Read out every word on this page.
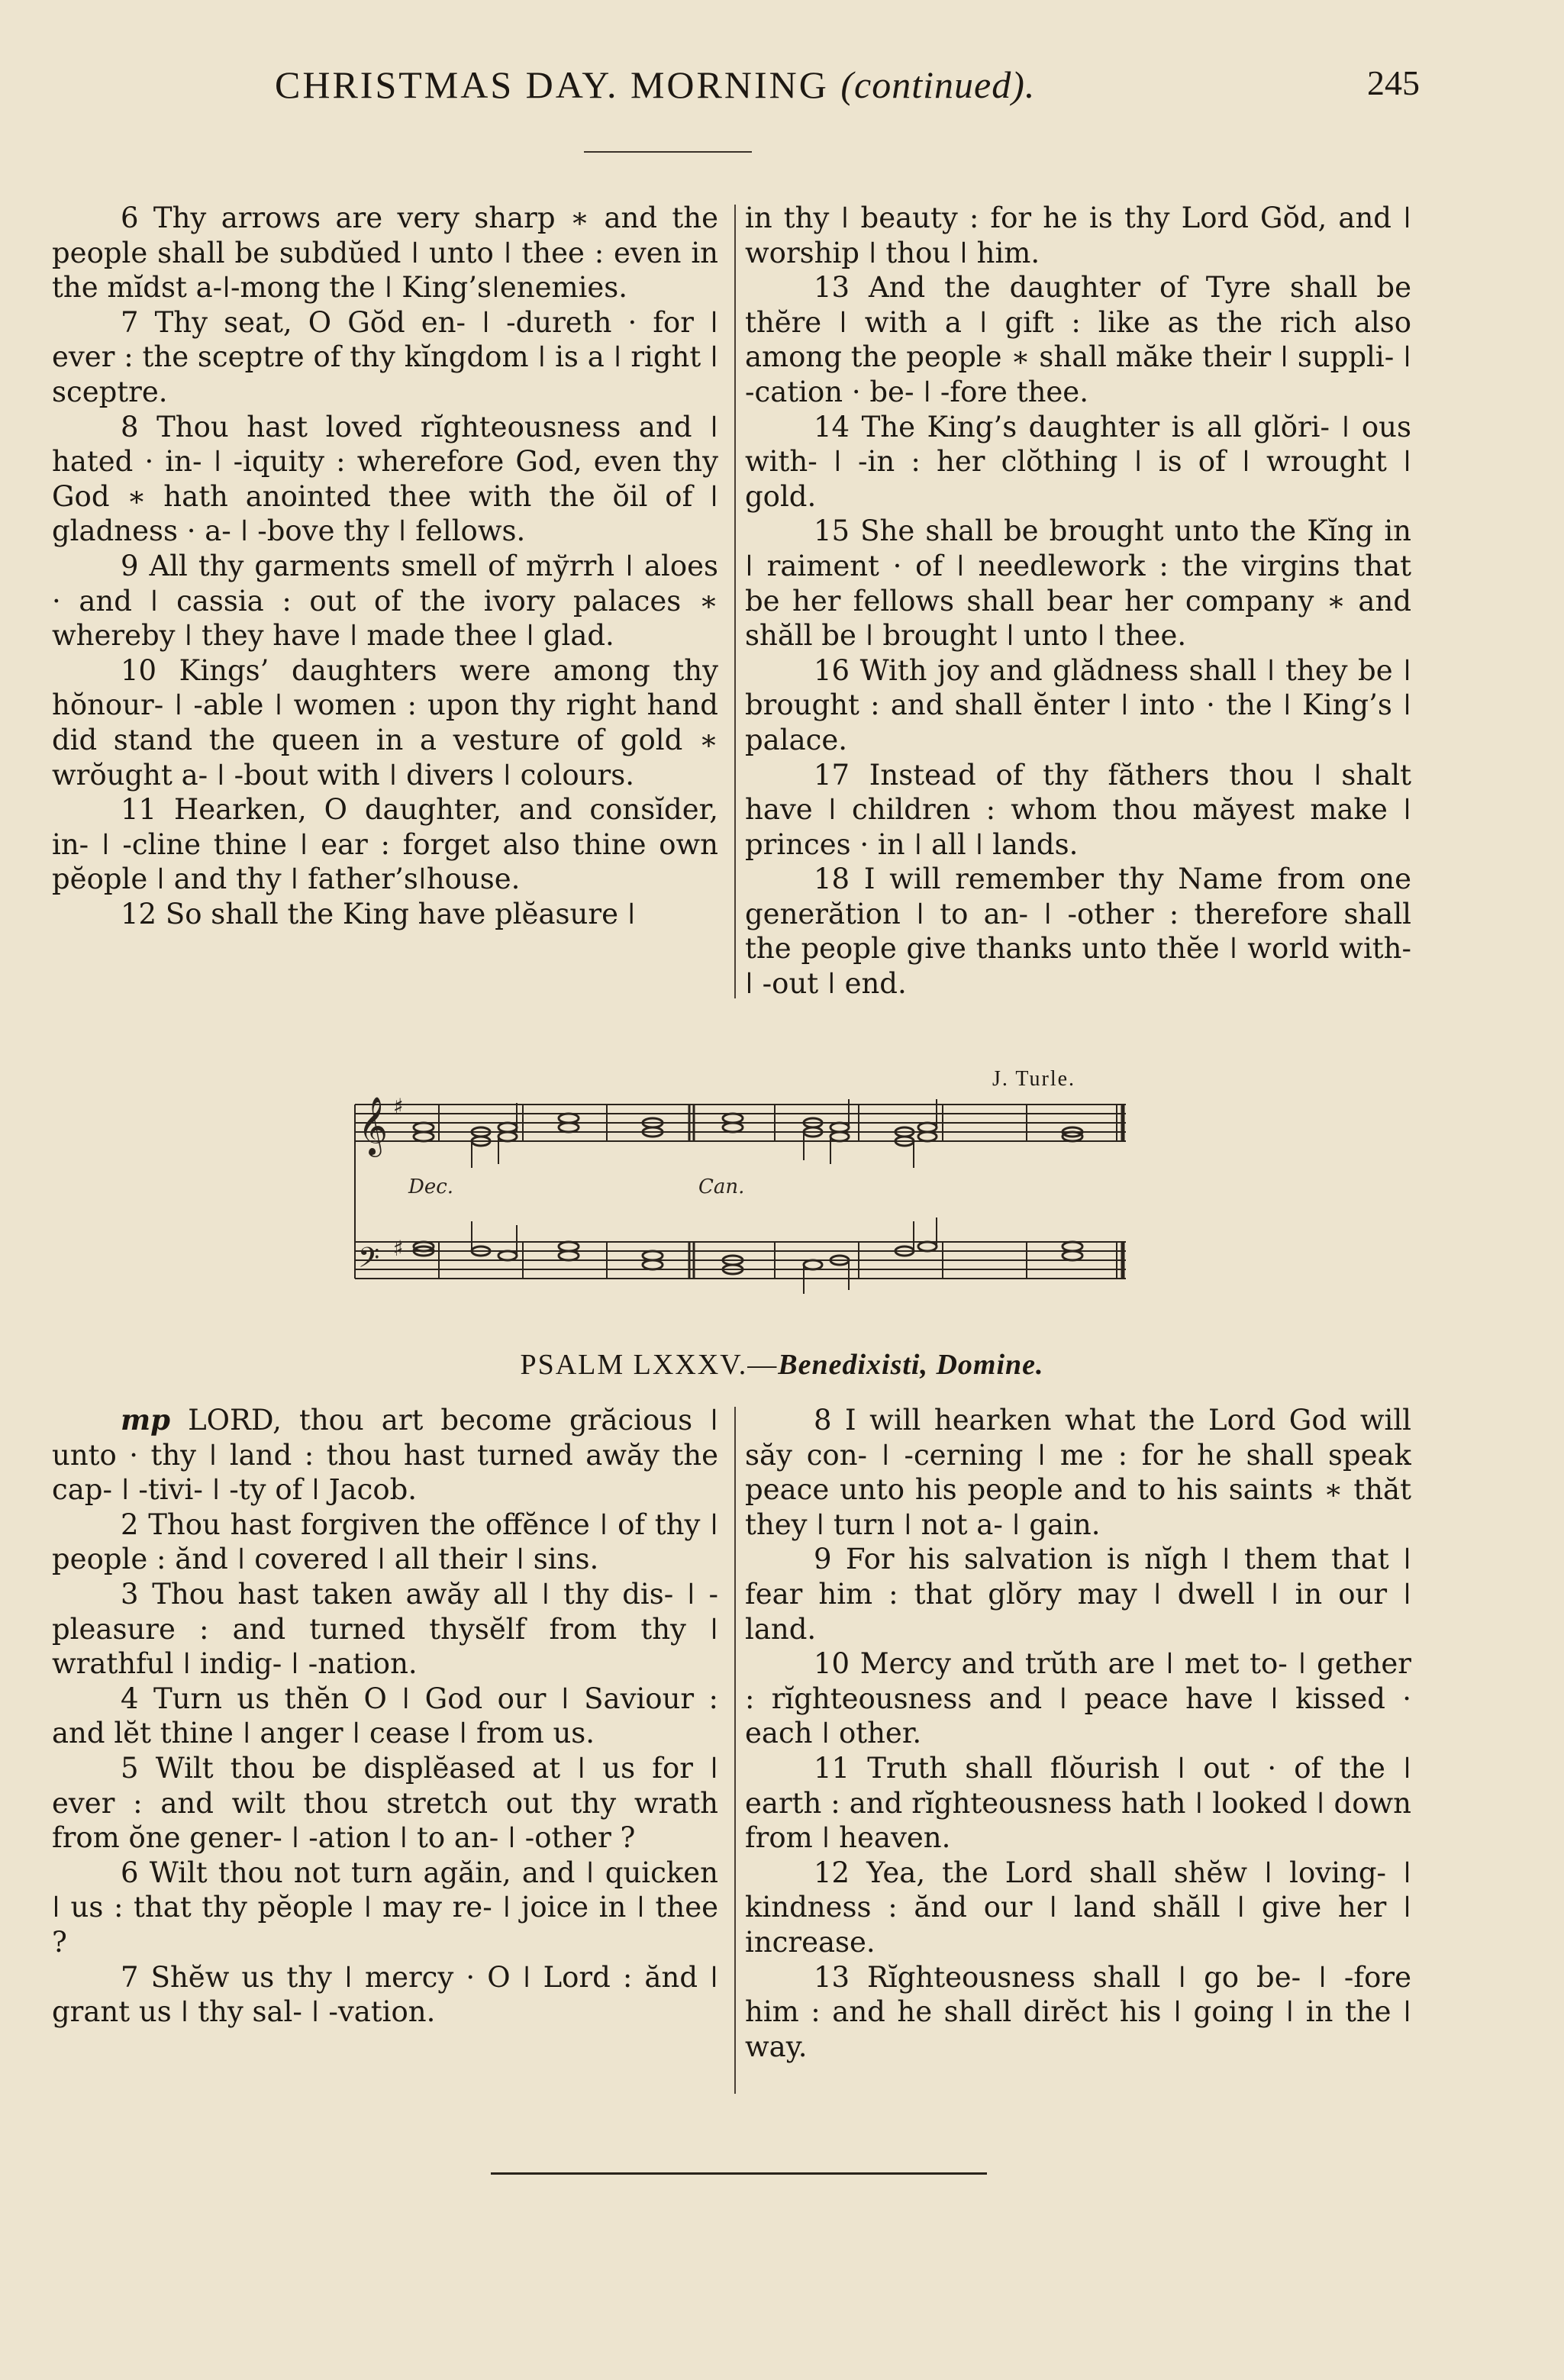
CHRISTMAS DAY. MORNING (continued).	245

6 Thy arrows are very sharp ∗ and the people shall be subdŭed ǀ unto ǀ thee : even in the mĭdst a-ǀ-mong the ǀ King’sǀenemies.

7 Thy seat, O Gŏd en- ǀ -dureth · for ǀ ever : the sceptre of thy kĭngdom ǀ is a ǀ right ǀ sceptre.

8 Thou hast loved rĭghteousness and ǀ hated · in- ǀ -iquity : wherefore God, even thy God ∗ hath anointed thee with the ŏil of ǀ gladness · a- ǀ -bove thy ǀ fellows.

9 All thy garments smell of mўrrh ǀ aloes · and ǀ cassia : out of the ivory palaces ∗ whereby ǀ they have ǀ made thee ǀ glad.

10 Kings’ daughters were among thy hŏnour- ǀ -able ǀ women : upon thy right hand did stand the queen in a vesture of gold ∗ wrŏught a- ǀ -bout with ǀ divers ǀ colours.

11 Hearken, O daughter, and consĭder, in- ǀ -cline thine ǀ ear : forget also thine own pĕople ǀ and thy ǀ father’sǀhouse.

12 So shall the King have plĕasure ǀ

in thy ǀ beauty : for he is thy Lord Gŏd, and ǀ worship ǀ thou ǀ him.

13 And the daughter of Tyre shall be thĕre ǀ with a ǀ gift : like as the rich also among the people ∗ shall măke their ǀ suppli- ǀ -cation · be- ǀ -fore thee.

14 The King’s daughter is all glŏri- ǀ ous with- ǀ -in : her clŏthing ǀ is of ǀ wrought ǀ gold.

15 She shall be brought unto the Kĭng in ǀ raiment · of ǀ needlework : the virgins that be her fellows shall bear her company ∗ and shăll be ǀ brought ǀ unto ǀ thee.

16 With joy and glădness shall ǀ they be ǀ brought : and shall ĕnter ǀ into · the ǀ King’s ǀ palace.

17 Instead of thy făthers thou ǀ shalt have ǀ children : whom thou măyest make ǀ princes · in ǀ all ǀ lands.

18 I will remember thy Name from one generătion ǀ to an- ǀ -other : therefore shall the people give thanks unto thĕe ǀ world with- ǀ -out ǀ end.

J. Turle.
𝄞
𝄢
♯
♯
Dec.	Can.
PSALM LXXXV.—Benedixisti, Domine.

mp LORD, thou art become grăcious ǀ unto · thy ǀ land : thou hast turned awăy the cap- ǀ -tivi- ǀ -ty of ǀ Jacob.

2 Thou hast forgiven the offĕnce ǀ of thy ǀ people : ănd ǀ covered ǀ all their ǀ sins.

3 Thou hast taken awăy all ǀ thy dis- ǀ -pleasure : and turned thysĕlf from thy ǀ wrathful ǀ indig- ǀ -nation.

4 Turn us thĕn O ǀ God our ǀ Saviour : and lĕt thine ǀ anger ǀ cease ǀ from us.

5 Wilt thou be displĕased at ǀ us for ǀ ever : and wilt thou stretch out thy wrath from ŏne gener- ǀ -ation ǀ to an- ǀ -other ?

6 Wilt thou not turn agăin, and ǀ quicken ǀ us : that thy pĕople ǀ may re- ǀ joice in ǀ thee ?

7 Shĕw us thy ǀ mercy · O ǀ Lord : ănd ǀ grant us ǀ thy sal- ǀ -vation.

8 I will hearken what the Lord God will săy con- ǀ -cerning ǀ me : for he shall speak peace unto his people and to his saints ∗ thăt they ǀ turn ǀ not a- ǀ gain.

9 For his salvation is nĭgh ǀ them that ǀ fear him : that glŏry may ǀ dwell ǀ in our ǀ land.

10 Mercy and trŭth are ǀ met to- ǀ gether : rĭghteousness and ǀ peace have ǀ kissed · each ǀ other.

11 Truth shall flŏurish ǀ out · of the ǀ earth : and rĭghteousness hath ǀ looked ǀ down from ǀ heaven.

12 Yea, the Lord shall shĕw ǀ loving- ǀ kindness : ănd our ǀ land shăll ǀ give her ǀ increase.

13 Rĭghteousness shall ǀ go be- ǀ -fore him : and he shall dirĕct his ǀ going ǀ in the ǀ way.
